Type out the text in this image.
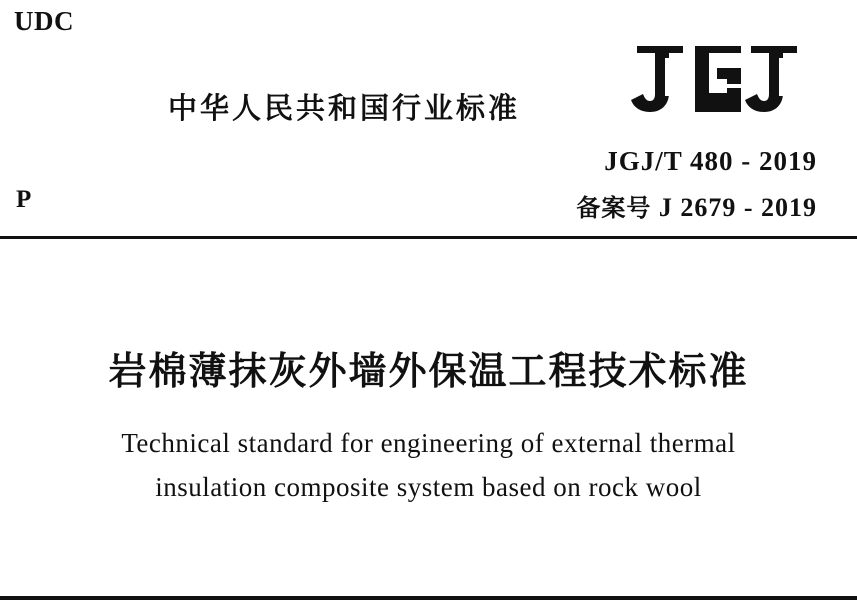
UDC
P
中华人民共和国行业标准
JGJ/T 480 - 2019
备案号 J 2679 - 2019
岩棉薄抹灰外墙外保温工程技术标准
Technical standard for engineering of external thermal
insulation composite system based on rock wool
